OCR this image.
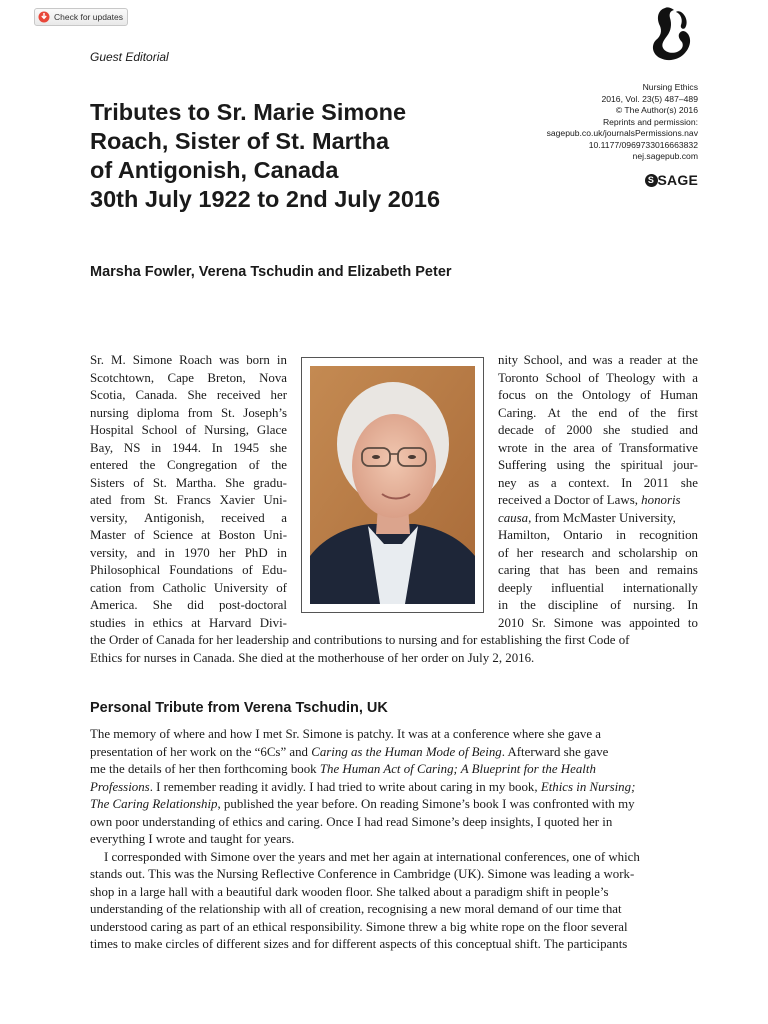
Check for updates
Guest Editorial
Tributes to Sr. Marie Simone
Roach, Sister of St. Martha
of Antigonish, Canada
30th July 1922 to 2nd July 2016
Nursing Ethics
2016, Vol. 23(5) 487–489
© The Author(s) 2016
Reprints and permission:
sagepub.co.uk/journalsPermissions.nav
10.1177/0969733016663832
nej.sagepub.com
S SAGE
Marsha Fowler, Verena Tschudin and Elizabeth Peter
Sr. M. Simone Roach was born in
Scotchtown, Cape Breton, Nova
Scotia, Canada. She received her
nursing diploma from St. Joseph’s
Hospital School of Nursing, Glace
Bay, NS in 1944. In 1945 she
entered the Congregation of the
Sisters of St. Martha. She gradu-
ated from St. Francs Xavier Uni-
versity, Antigonish, received a
Master of Science at Boston Uni-
versity, and in 1970 her PhD in
Philosophical Foundations of Edu-
cation from Catholic University of
America. She did post-doctoral
studies in ethics at Harvard Divi-
nity School, and was a reader at the
Toronto School of Theology with a
focus on the Ontology of Human
Caring. At the end of the first
decade of 2000 she studied and
wrote in the area of Transformative
Suffering using the spiritual jour-
ney as a context. In 2011 she
received a Doctor of Laws, honoris
causa, from McMaster University,
Hamilton, Ontario in recognition
of her research and scholarship on
caring that has been and remains
deeply influential internationally
in the discipline of nursing. In
2010 Sr. Simone was appointed to
the Order of Canada for her leadership and contributions to nursing and for establishing the first Code of
Ethics for nurses in Canada. She died at the motherhouse of her order on July 2, 2016.
Personal Tribute from Verena Tschudin, UK
The memory of where and how I met Sr. Simone is patchy. It was at a conference where she gave a
presentation of her work on the “6Cs” and Caring as the Human Mode of Being. Afterward she gave
me the details of her then forthcoming book The Human Act of Caring; A Blueprint for the Health
Professions. I remember reading it avidly. I had tried to write about caring in my book, Ethics in Nursing;
The Caring Relationship, published the year before. On reading Simone’s book I was confronted with my
own poor understanding of ethics and caring. Once I had read Simone’s deep insights, I quoted her in
everything I wrote and taught for years.
I corresponded with Simone over the years and met her again at international conferences, one of which
stands out. This was the Nursing Reflective Conference in Cambridge (UK). Simone was leading a work-
shop in a large hall with a beautiful dark wooden floor. She talked about a paradigm shift in people’s
understanding of the relationship with all of creation, recognising a new moral demand of our time that
understood caring as part of an ethical responsibility. Simone threw a big white rope on the floor several
times to make circles of different sizes and for different aspects of this conceptual shift. The participants
